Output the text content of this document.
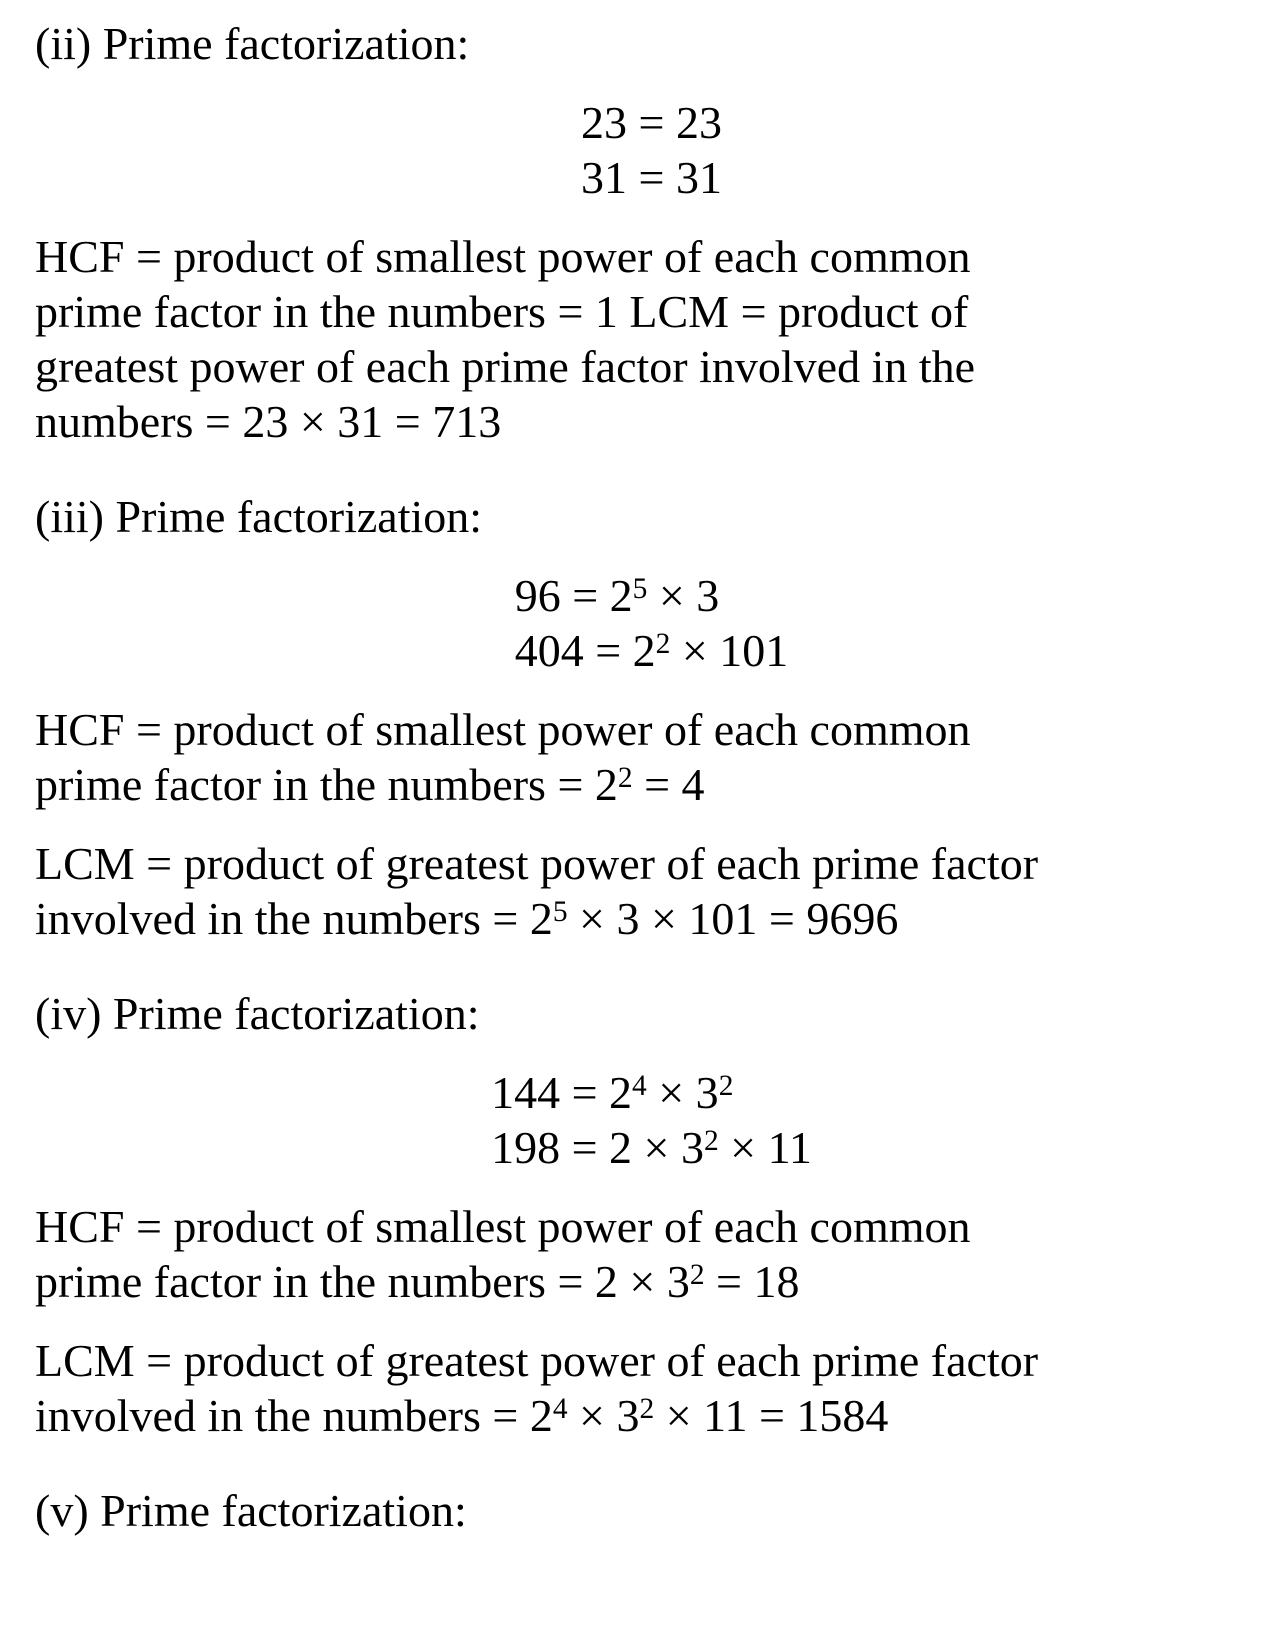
(ii) Prime factorization:
23 = 23
31 = 31

HCF = product of smallest power of each common
prime factor in the numbers = 1 LCM = product of
greatest power of each prime factor involved in the
numbers = 23 × 31 = 713

(iii) Prime factorization:
$96 = 2^5 \times 3$
$404 = 2^2 \times 101$

HCF = product of smallest power of each common
prime factor in the numbers = $2^2 = 4$

LCM = product of greatest power of each prime factor
involved in the numbers = $2^5 \times 3 \times 101 = 9696$

(iv) Prime factorization:
$144 = 2^4 \times 3^2$
$198 = 2 \times 3^2 \times 11$

HCF = product of smallest power of each common
prime factor in the numbers = $2 \times 3^2 = 18$

LCM = product of greatest power of each prime factor
involved in the numbers = $2^4 \times 3^2 \times 11 = 1584$

(v) Prime factorization:
